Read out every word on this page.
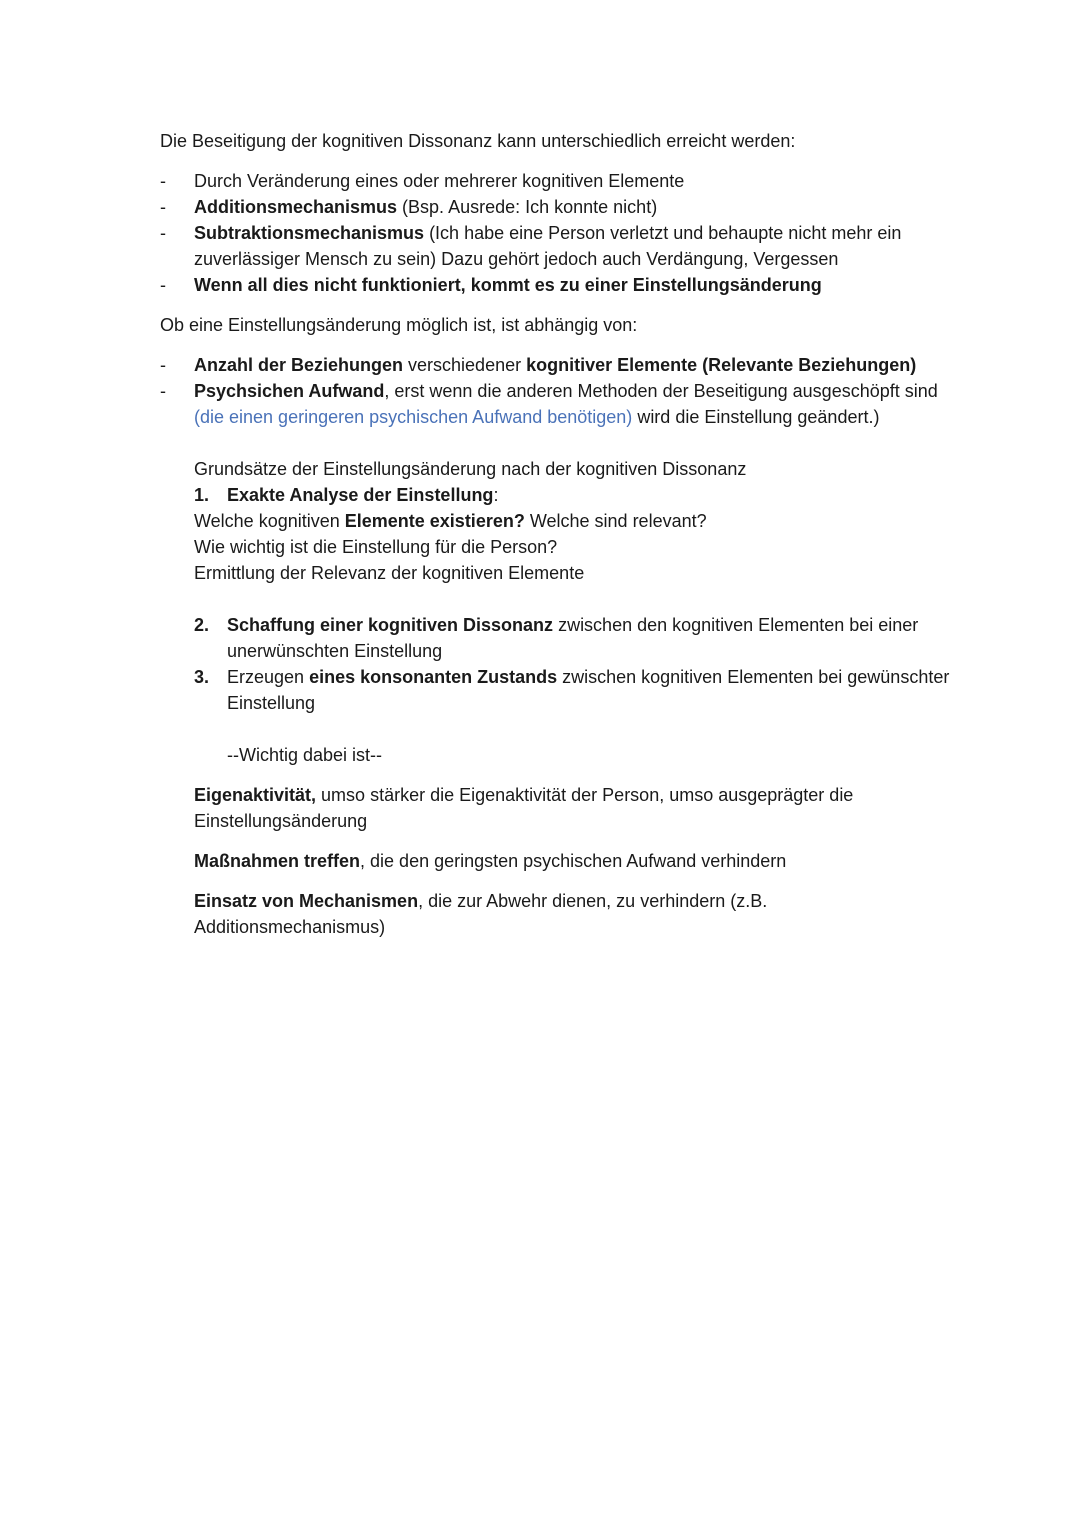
Die Beseitigung der kognitiven Dissonanz kann unterschiedlich erreicht werden:

- Durch Veränderung eines oder mehrerer kognitiven Elemente
- Additionsmechanismus (Bsp. Ausrede: Ich konnte nicht)
- Subtraktionsmechanismus (Ich habe eine Person verletzt und behaupte nicht mehr ein zuverlässiger Mensch zu sein) Dazu gehört jedoch auch Verdängung, Vergessen
- Wenn all dies nicht funktioniert, kommt es zu einer Einstellungsänderung

Ob eine Einstellungsänderung möglich ist, ist abhängig von:

- Anzahl der Beziehungen verschiedener kognitiver Elemente (Relevante Beziehungen)
- Psychsichen Aufwand, erst wenn die anderen Methoden der Beseitigung ausgeschöpft sind (die einen geringeren psychischen Aufwand benötigen) wird die Einstellung geändert.)

Grundsätze der Einstellungsänderung nach der kognitiven Dissonanz

1. Exakte Analyse der Einstellung:

Welche kognitiven Elemente existieren? Welche sind relevant?

Wie wichtig ist die Einstellung für die Person?

Ermittlung der Relevanz der kognitiven Elemente

2. Schaffung einer kognitiven Dissonanz zwischen den kognitiven Elementen bei einer unerwünschten Einstellung

3. Erzeugen eines konsonanten Zustands zwischen kognitiven Elementen bei gewünschter Einstellung

--Wichtig dabei ist--

Eigenaktivität, umso stärker die Eigenaktivität der Person, umso ausgeprägter die Einstellungsänderung

Maßnahmen treffen, die den geringsten psychischen Aufwand verhindern

Einsatz von Mechanismen, die zur Abwehr dienen, zu verhindern (z.B. Additionsmechanismus)
